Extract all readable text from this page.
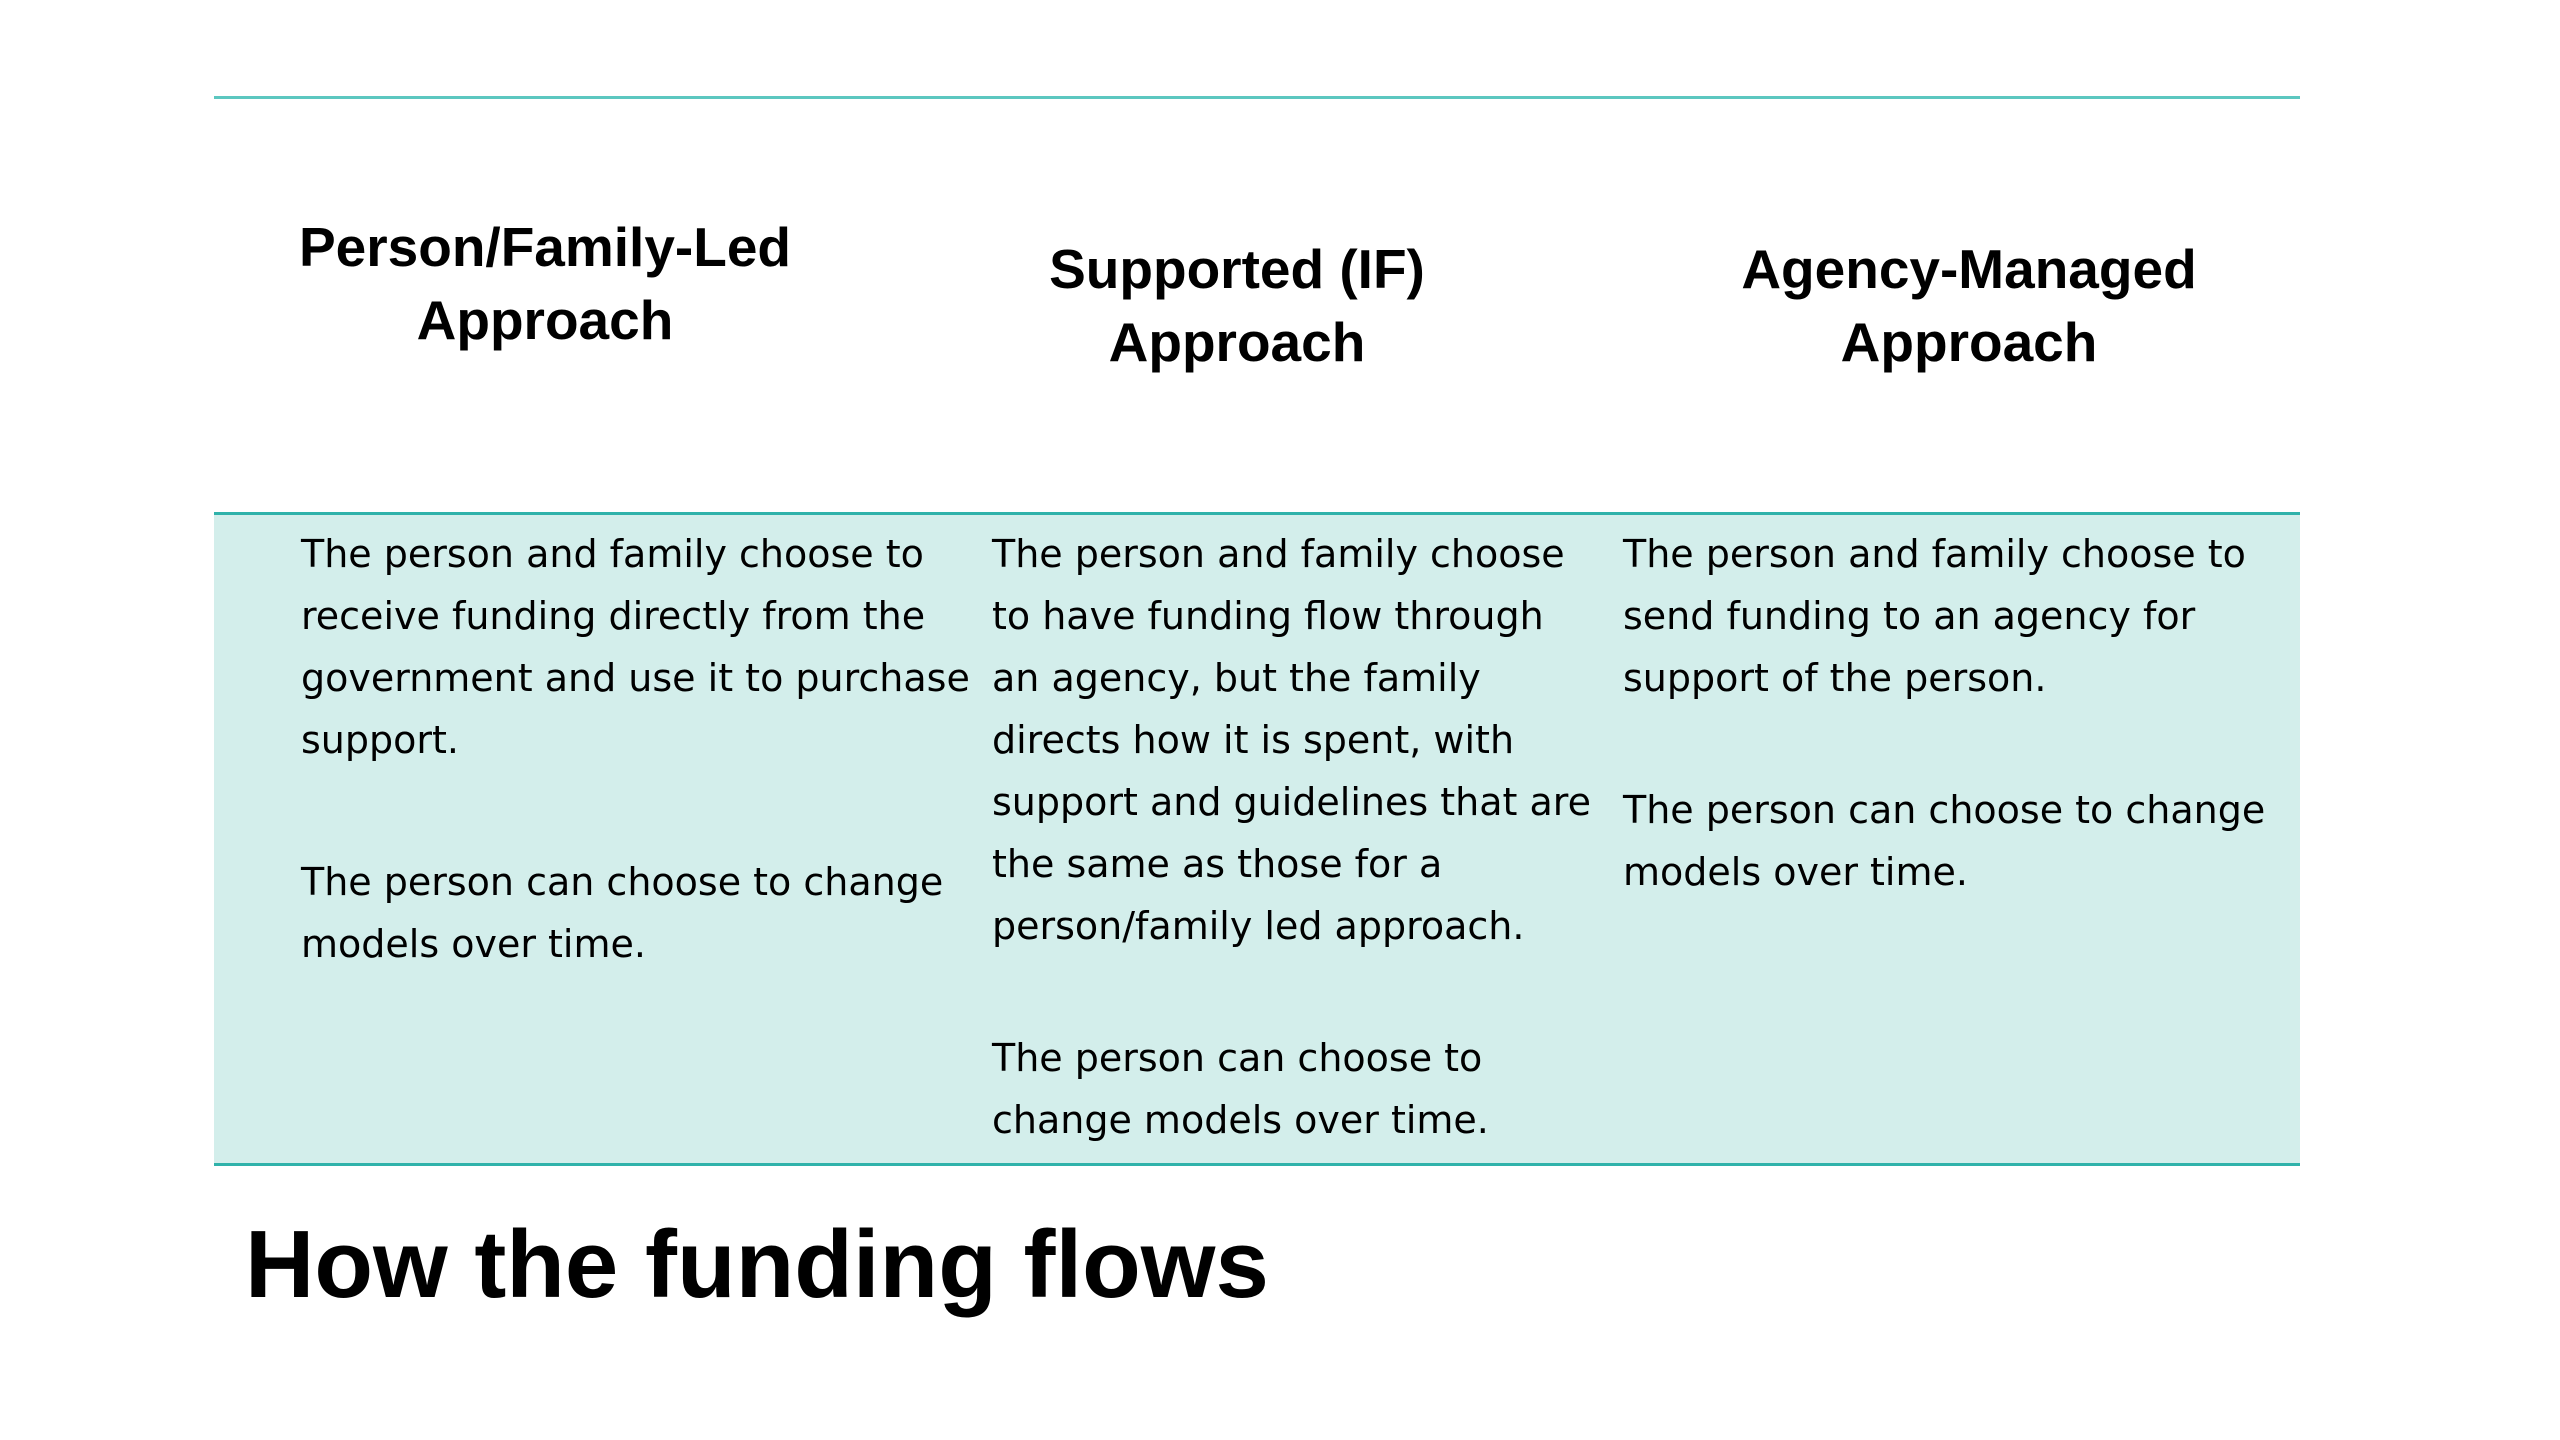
Person/Family-Led
Approach
Supported (IF)
Approach
Agency-Managed
Approach

The person and family choose to receive funding directly from the government and use it to purchase support.

The person can choose to change models over time.

The person and family choose to have funding flow through an agency, but the family directs how it is spent, with support and guidelines that are the same as those for a person/family led approach.

The person can choose to change models over time.

The person and family choose to send funding to an agency for support of the person.

The person can choose to change models over time.

How the funding flows
